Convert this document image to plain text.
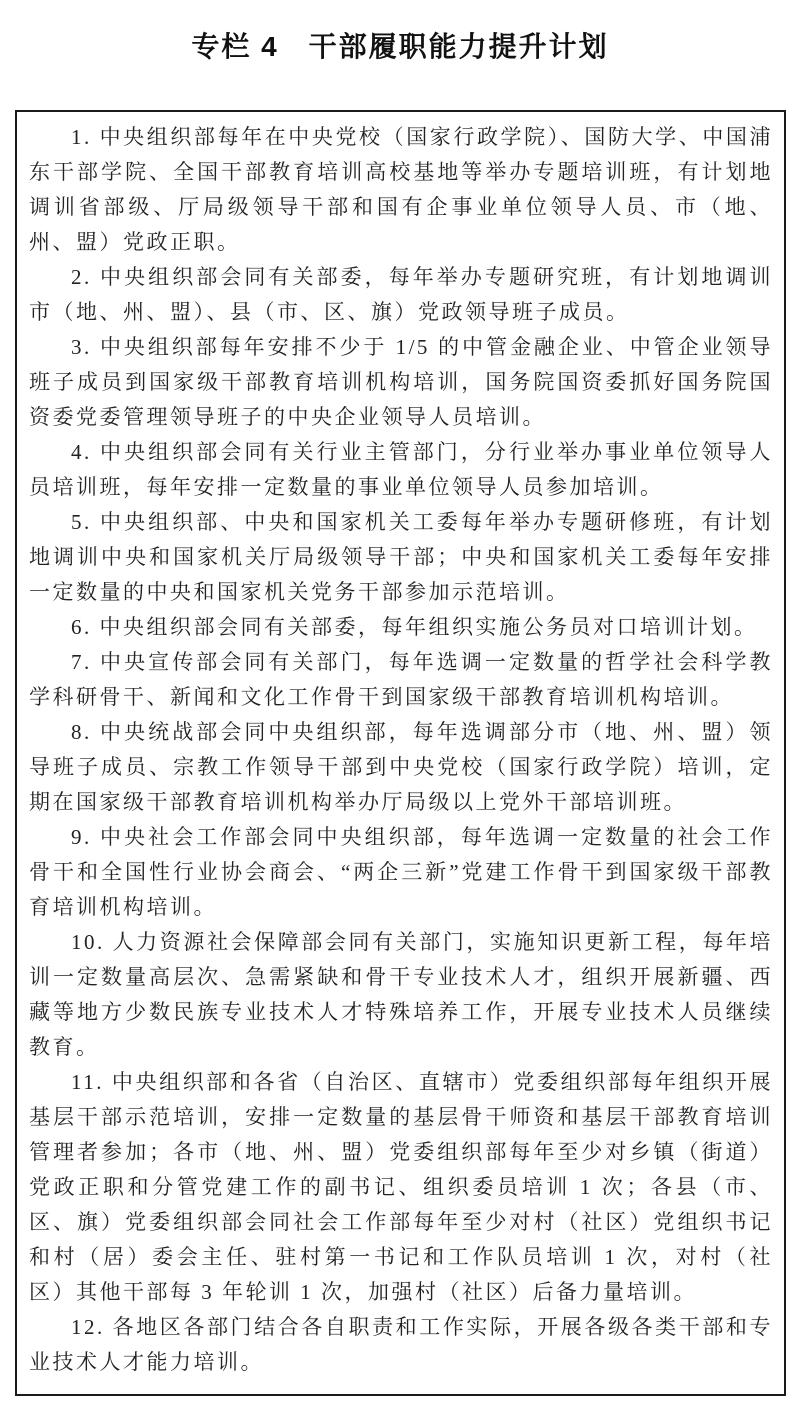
专栏 4　干部履职能力提升计划

1. 中央组织部每年在中央党校（国家行政学院）、国防大学、中国浦东干部学院、全国干部教育培训高校基地等举办专题培训班，有计划地调训省部级、厅局级领导干部和国有企事业单位领导人员、市（地、州、盟）党政正职。

2. 中央组织部会同有关部委，每年举办专题研究班，有计划地调训市（地、州、盟）、县（市、区、旗）党政领导班子成员。

3. 中央组织部每年安排不少于 1/5 的中管金融企业、中管企业领导班子成员到国家级干部教育培训机构培训，国务院国资委抓好国务院国资委党委管理领导班子的中央企业领导人员培训。

4. 中央组织部会同有关行业主管部门，分行业举办事业单位领导人员培训班，每年安排一定数量的事业单位领导人员参加培训。

5. 中央组织部、中央和国家机关工委每年举办专题研修班，有计划地调训中央和国家机关厅局级领导干部；中央和国家机关工委每年安排一定数量的中央和国家机关党务干部参加示范培训。

6. 中央组织部会同有关部委，每年组织实施公务员对口培训计划。

7. 中央宣传部会同有关部门，每年选调一定数量的哲学社会科学教学科研骨干、新闻和文化工作骨干到国家级干部教育培训机构培训。

8. 中央统战部会同中央组织部，每年选调部分市（地、州、盟）领导班子成员、宗教工作领导干部到中央党校（国家行政学院）培训，定期在国家级干部教育培训机构举办厅局级以上党外干部培训班。

9. 中央社会工作部会同中央组织部，每年选调一定数量的社会工作骨干和全国性行业协会商会、“两企三新”党建工作骨干到国家级干部教育培训机构培训。

10. 人力资源社会保障部会同有关部门，实施知识更新工程，每年培训一定数量高层次、急需紧缺和骨干专业技术人才，组织开展新疆、西藏等地方少数民族专业技术人才特殊培养工作，开展专业技术人员继续教育。

11. 中央组织部和各省（自治区、直辖市）党委组织部每年组织开展基层干部示范培训，安排一定数量的基层骨干师资和基层干部教育培训管理者参加；各市（地、州、盟）党委组织部每年至少对乡镇（街道）党政正职和分管党建工作的副书记、组织委员培训 1 次；各县（市、区、旗）党委组织部会同社会工作部每年至少对村（社区）党组织书记和村（居）委会主任、驻村第一书记和工作队员培训 1 次，对村（社区）其他干部每 3 年轮训 1 次，加强村（社区）后备力量培训。

12. 各地区各部门结合各自职责和工作实际，开展各级各类干部和专业技术人才能力培训。
